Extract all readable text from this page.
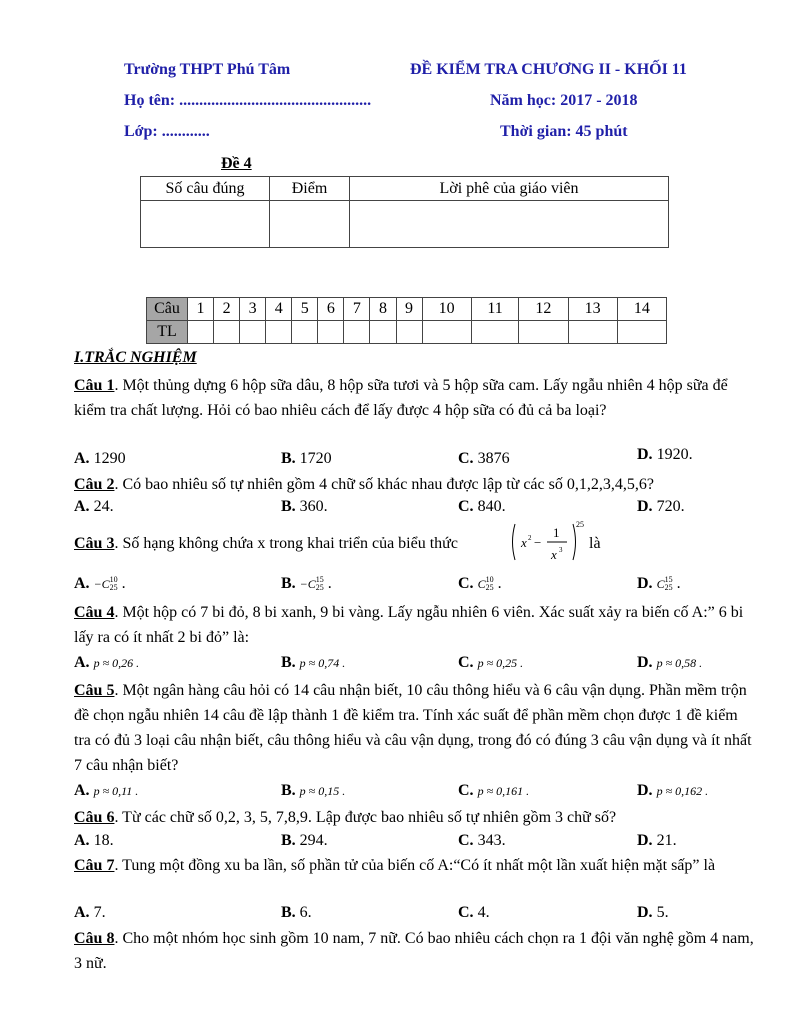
Trường THPT Phú Tâm	ĐỀ KIỂM TRA CHƯƠNG II - KHỐI 11
Họ tên: ................................................	Năm học: 2017 - 2018
Lớp: ............	Thời gian: 45 phút
Đề 4
Số câu đúng	Điểm	Lời phê của giáo viên

Câu	1	2	3	4	5	6	7	8	9	10	11	12	13	14
TL														
I.TRẮC NGHIỆM
Câu 1. Một thủng dựng 6 hộp sữa dâu, 8 hộp sữa tươi và 5 hộp sữa cam. Lấy ngẫu nhiên 4 hộp sữa để kiểm tra chất lượng. Hỏi có bao nhiêu cách để lấy được 4 hộp sữa có đủ cả ba loại?
A. 1290	B. 1720	C. 3876	D. 1920.
Câu 2. Có bao nhiêu số tự nhiên gồm 4 chữ số khác nhau được lập từ các số 0,1,2,3,4,5,6?
A. 24.	B. 360.	C. 840.	D. 720.
Câu 3. Số hạng không chứa x trong khai triển của biểu thức	x 2 −
1
x 3
25
là
A. −C 10
25 .	B. −C 15
25 .	C. C 10
25 .	D. C 15
25 .
Câu 4. Một hộp có 7 bi đỏ, 8 bi xanh, 9 bi vàng. Lấy ngẫu nhiên 6 viên. Xác suất xảy ra biến cố A:” 6 bi lấy ra có ít nhất 2 bi đỏ” là:
A. p ≈ 0,26 .	B. p ≈ 0,74 .	C. p ≈ 0,25 .	D. p ≈ 0,58 .
Câu 5. Một ngân hàng câu hỏi có 14 câu nhận biết, 10 câu thông hiểu và 6 câu vận dụng. Phần mềm trộn đề chọn ngẫu nhiên 14 câu đề lập thành 1 đề kiểm tra. Tính xác suất để phần mềm chọn được 1 đề kiểm tra có đủ 3 loại câu nhận biết, câu thông hiểu và câu vận dụng, trong đó có đúng 3 câu vận dụng và ít nhất 7 câu nhận biết?
A. p ≈ 0,11 .	B. p ≈ 0,15 .	C. p ≈ 0,161 .	D. p ≈ 0,162 .
Câu 6. Từ các chữ số 0,2, 3, 5, 7,8,9. Lập được bao nhiêu số tự nhiên gồm 3 chữ số?
A. 18.	B. 294.	C. 343.	D. 21.
Câu 7. Tung một đồng xu ba lần, số phần tử của biến cố A:“Có ít nhất một lần xuất hiện mặt sấp” là
A. 7.	B. 6.	C. 4.	D. 5.
Câu 8. Cho một nhóm học sinh gồm 10 nam, 7 nữ. Có bao nhiêu cách chọn ra 1 đội văn nghệ gồm 4 nam, 3 nữ.
